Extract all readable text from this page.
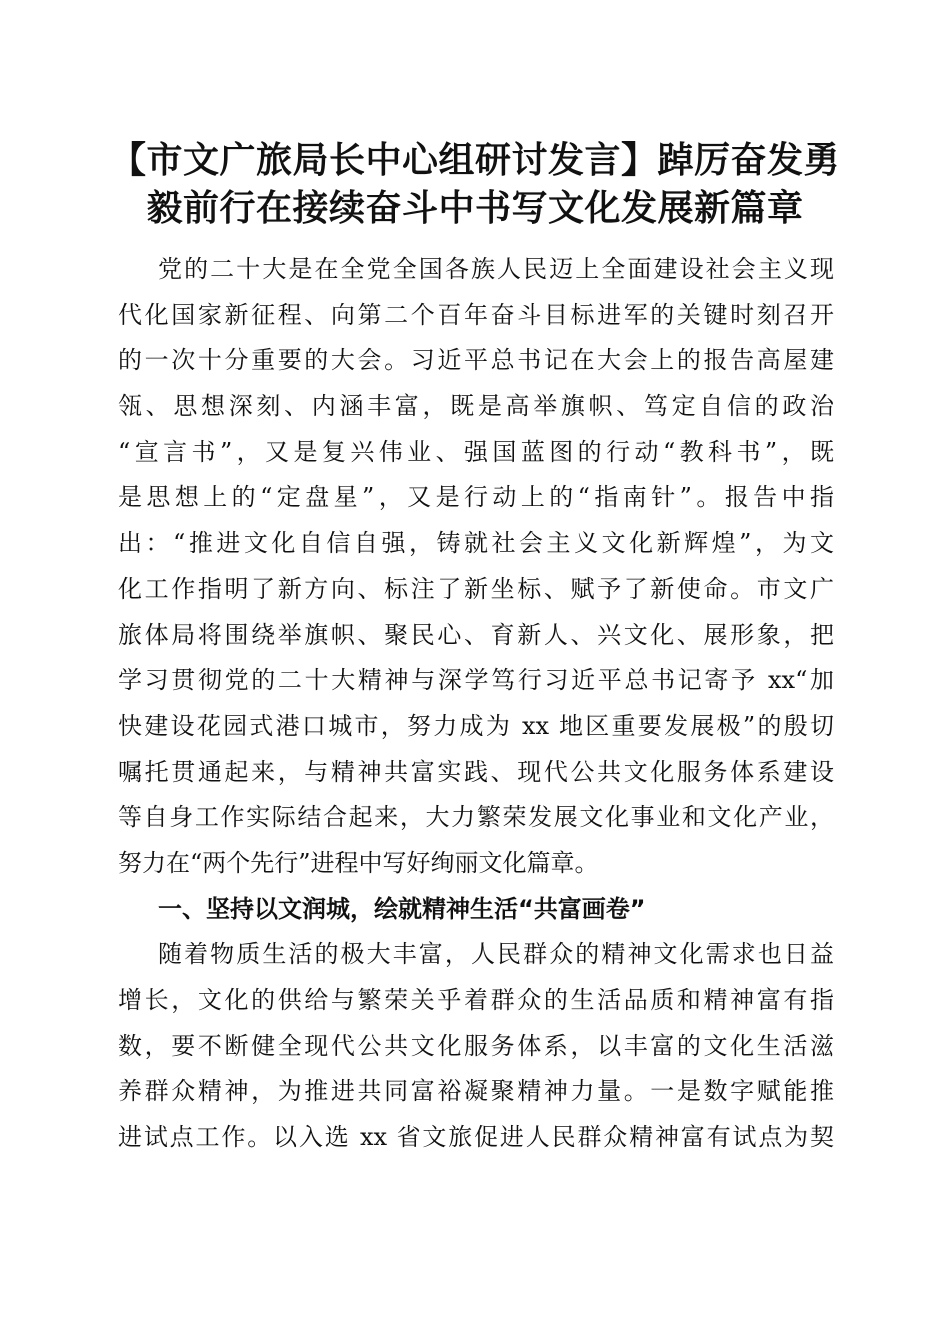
【市文广旅局长中心组研讨发言】踔厉奋发勇
毅前行在接续奋斗中书写文化发展新篇章
党的二十大是在全党全国各族人民迈上全面建设社会主义现
代化国家新征程、向第二个百年奋斗目标进军的关键时刻召开
的一次十分重要的大会。习近平总书记在大会上的报告高屋建
瓴、思想深刻、内涵丰富，既是高举旗帜、笃定自信的政治
“宣言书”，又是复兴伟业、强国蓝图的行动“教科书”，既
是思想上的“定盘星”，又是行动上的“指南针”。报告中指
出：“推进文化自信自强，铸就社会主义文化新辉煌”，为文
化工作指明了新方向、标注了新坐标、赋予了新使命。市文广
旅体局将围绕举旗帜、聚民心、育新人、兴文化、展形象，把
学习贯彻党的二十大精神与深学笃行习近平总书记寄予 xx“加
快建设花园式港口城市，努力成为 xx 地区重要发展极”的殷切
嘱托贯通起来，与精神共富实践、现代公共文化服务体系建设
等自身工作实际结合起来，大力繁荣发展文化事业和文化产业，
努力在“两个先行”进程中写好绚丽文化篇章。
一、坚持以文润城，绘就精神生活“共富画卷”
随着物质生活的极大丰富，人民群众的精神文化需求也日益
增长，文化的供给与繁荣关乎着群众的生活品质和精神富有指
数，要不断健全现代公共文化服务体系，以丰富的文化生活滋
养群众精神，为推进共同富裕凝聚精神力量。一是数字赋能推
进试点工作。以入选 xx 省文旅促进人民群众精神富有试点为契
